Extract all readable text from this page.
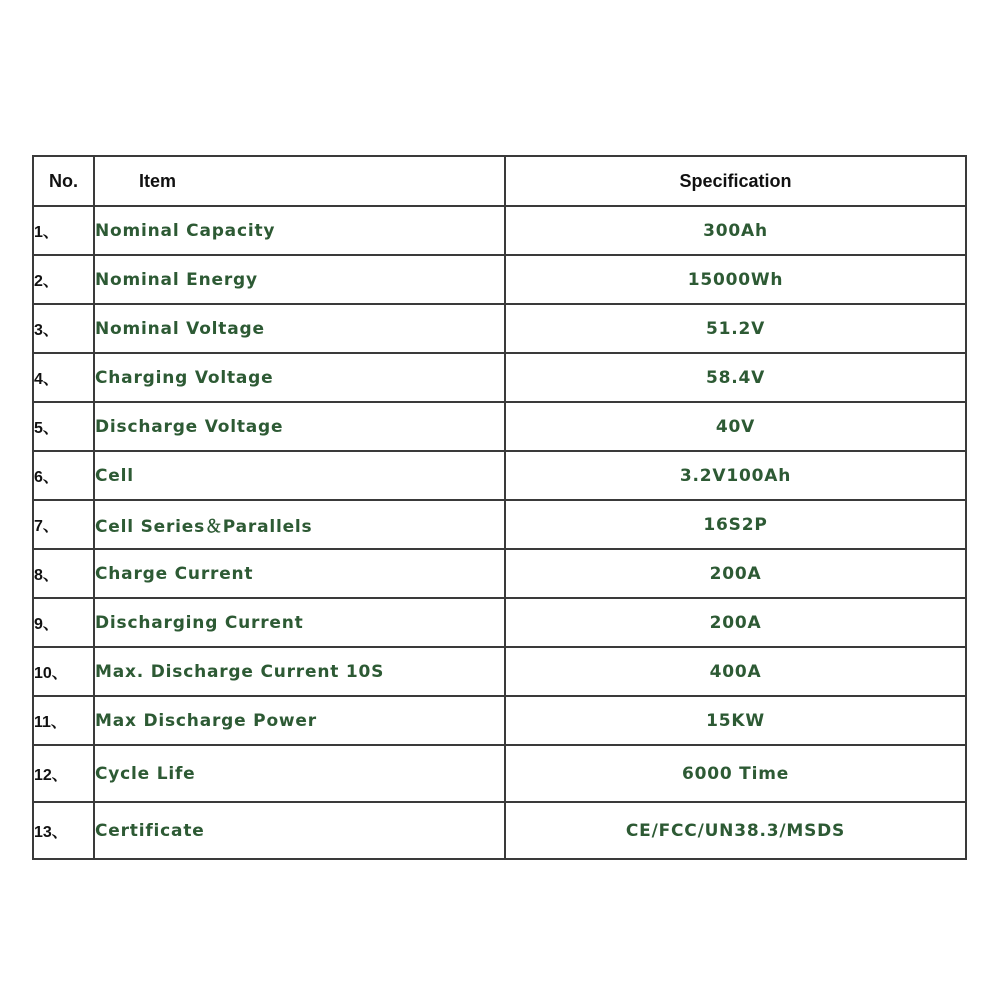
No.	Item	Specification
1、	Nominal Capacity	300Ah
2、	Nominal Energy	15000Wh
3、	Nominal Voltage	51.2V
4、	Charging Voltage	58.4V
5、	Discharge Voltage	40V
6、	Cell	3.2V100Ah
7、	Cell Series＆Parallels	16S2P
8、	Charge Current	200A
9、	Discharging Current	200A
10、	Max. Discharge Current 10S	400A
11、	Max Discharge Power	15KW
12、	Cycle Life	6000 Time
13、	Certificate	CE/FCC/UN38.3/MSDS
